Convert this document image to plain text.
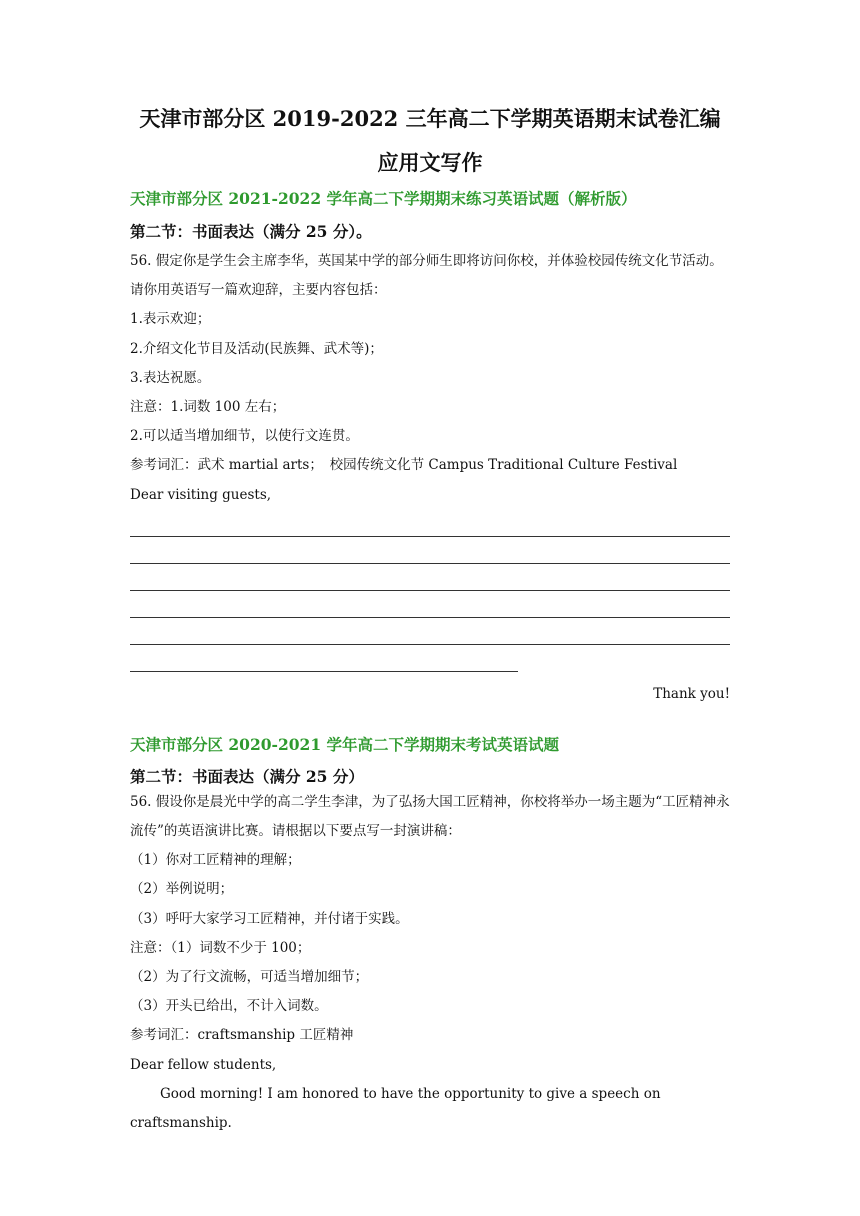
天津市部分区 2019-2022 三年高二下学期英语期末试卷汇编
应用文写作

天津市部分区 2021-2022 学年高二下学期期末练习英语试题（解析版）

第二节：书面表达（满分 25 分）。

56. 假定你是学生会主席李华，英国某中学的部分师生即将访问你校，并体验校园传统文化节活动。请你用英语写一篇欢迎辞，主要内容包括：

1.表示欢迎；

2.介绍文化节目及活动(民族舞、武术等)；

3.表达祝愿。

注意：1.词数 100 左右；

2.可以适当增加细节，以使行文连贯。

参考词汇：武术 martial arts；　校园传统文化节 Campus Traditional Culture Festival

Dear visiting guests,

Thank you!

天津市部分区 2020-2021 学年高二下学期期末考试英语试题

第二节：书面表达（满分 25 分）

56. 假设你是晨光中学的高二学生李津，为了弘扬大国工匠精神，你校将举办一场主题为“工匠精神永流传”的英语演讲比赛。请根据以下要点写一封演讲稿：

（1）你对工匠精神的理解；

（2）举例说明；

（3）呼吁大家学习工匠精神，并付诸于实践。

注意：（1）词数不少于 100；

（2）为了行文流畅，可适当增加细节；

（3）开头已给出，不计入词数。

参考词汇：craftsmanship 工匠精神

Dear fellow students,

Good morning! I am honored to have the opportunity to give a speech on craftsmanship.
